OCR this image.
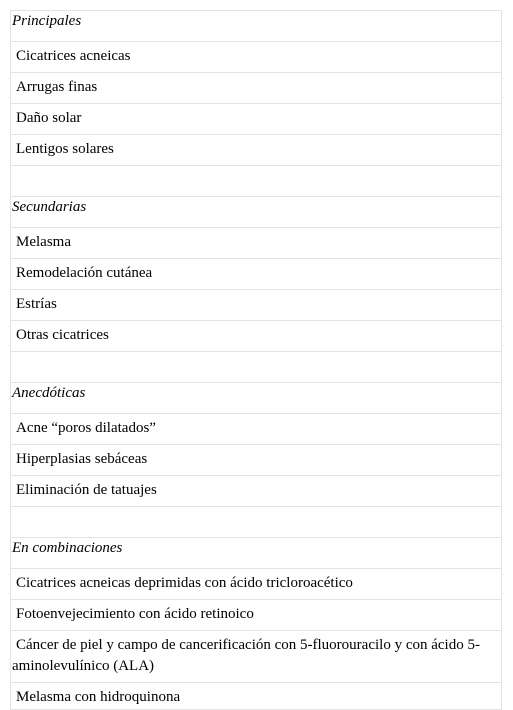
Principales
Cicatrices acneicas
Arrugas finas
Daño solar
Lentigos solares

Secundarias
Melasma
Remodelación cutánea
Estrías
Otras cicatrices

Anecdóticas
Acne “poros dilatados”
Hiperplasias sebáceas
Eliminación de tatuajes

En combinaciones
Cicatrices acneicas deprimidas con ácido tricloroacético
Fotoenvejecimiento con ácido retinoico

Cáncer de piel y campo de cancerificación con 5-fluorouracilo y con ácido 5-aminolevulínico (ALA)

Melasma con hidroquinona
